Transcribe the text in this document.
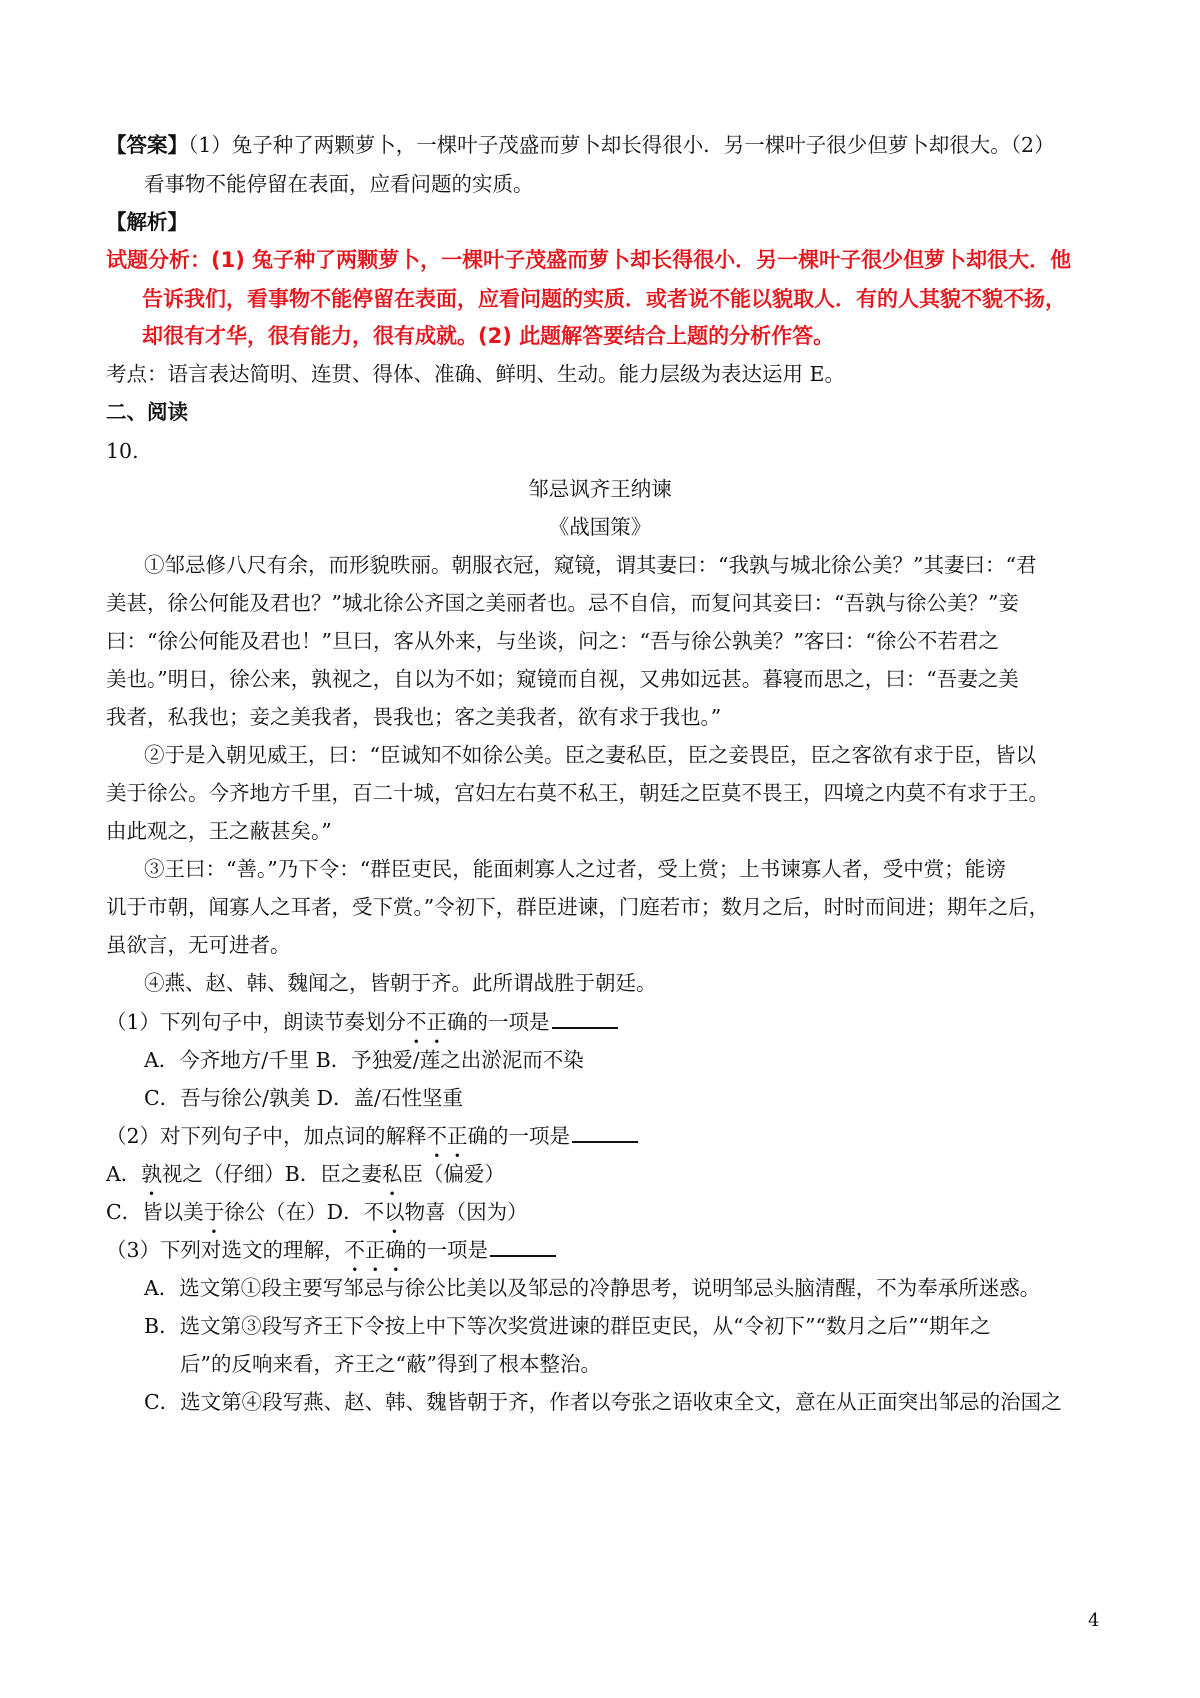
【答案】（1）兔子种了两颗萝卜，一棵叶子茂盛而萝卜却长得很小．另一棵叶子很少但萝卜却很大。（2）
看事物不能停留在表面，应看问题的实质。
【解析】
试题分析：(1) 兔子种了两颗萝卜，一棵叶子茂盛而萝卜却长得很小．另一棵叶子很少但萝卜却很大．他
告诉我们，看事物不能停留在表面，应看问题的实质．或者说不能以貌取人．有的人其貌不貌不扬，
却很有才华，很有能力，很有成就。(2) 此题解答要结合上题的分析作答。
考点：语言表达简明、连贯、得体、准确、鲜明、生动。能力层级为表达运用 E。
二、阅读
10.
邹忌讽齐王纳谏
《战国策》
①邹忌修八尺有余，而形貌昳丽。朝服衣冠，窥镜，谓其妻曰：“我孰与城北徐公美？”其妻曰：“君
美甚，徐公何能及君也？”城北徐公齐国之美丽者也。忌不自信，而复问其妾曰：“吾孰与徐公美？”妾
曰：“徐公何能及君也！”旦曰，客从外来，与坐谈，问之：“吾与徐公孰美？”客曰：“徐公不若君之
美也。”明日，徐公来，孰视之，自以为不如；窥镜而自视，又弗如远甚。暮寝而思之，曰：“吾妻之美
我者，私我也；妾之美我者，畏我也；客之美我者，欲有求于我也。”
②于是入朝见威王，曰：“臣诚知不如徐公美。臣之妻私臣，臣之妾畏臣，臣之客欲有求于臣，皆以
美于徐公。今齐地方千里，百二十城，宫妇左右莫不私王，朝廷之臣莫不畏王，四境之内莫不有求于王。
由此观之，王之蔽甚矣。”
③王曰：“善。”乃下令：“群臣吏民，能面刺寡人之过者，受上赏；上书谏寡人者，受中赏；能谤
讥于市朝，闻寡人之耳者，受下赏。”令初下，群臣进谏，门庭若市；数月之后，时时而间进；期年之后，
虽欲言，无可进者。
④燕、赵、韩、魏闻之，皆朝于齐。此所谓战胜于朝廷。
（1）下列句子中，朗读节奏划分不正确的一项是
A．今齐地方/千里 B．予独爱/莲之出淤泥而不染
C．吾与徐公/孰美 D．盖/石性坚重
（2）对下列句子中，加点词的解释不正确的一项是
A．孰视之（仔细）B．臣之妻私臣（偏爱）
C．皆以美于徐公（在）D．不以物喜（因为）
（3）下列对选文的理解，不正确的一项是
A．选文第①段主要写邹忌与徐公比美以及邹忌的冷静思考，说明邹忌头脑清醒，不为奉承所迷惑。
B．选文第③段写齐王下令按上中下等次奖赏进谏的群臣吏民，从“令初下”“数月之后”“期年之
后”的反响来看，齐王之“蔽”得到了根本整治。
C．选文第④段写燕、赵、韩、魏皆朝于齐，作者以夸张之语收束全文，意在从正面突出邹忌的治国之
4
